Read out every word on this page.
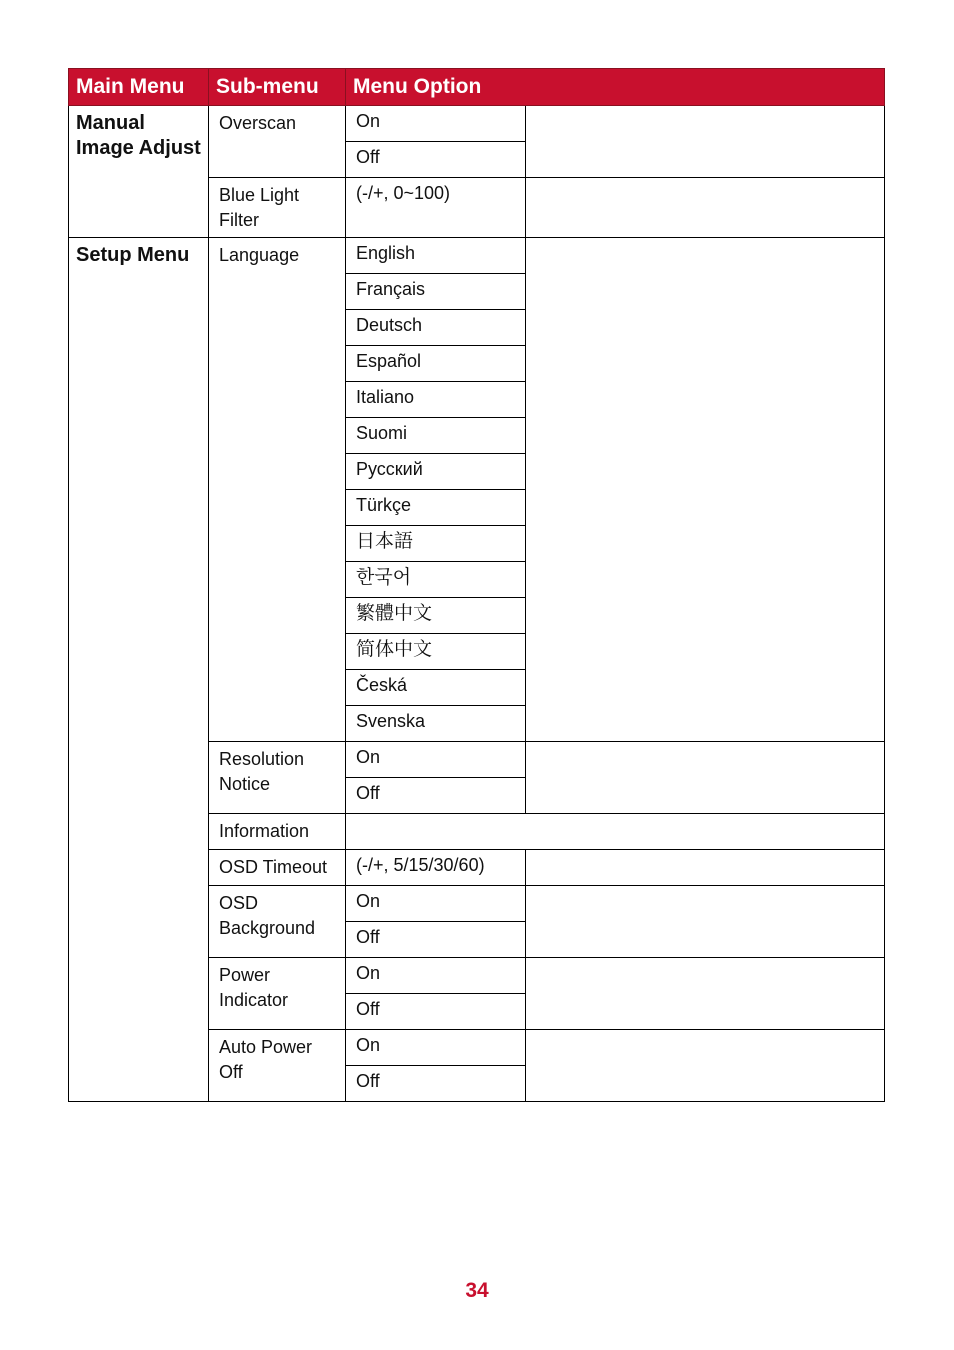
Main Menu	Sub-menu	Menu Option	
Manual Image Adjust	Overscan	On	
		Off	
	Blue Light Filter	(-/+, 0~100)	
Setup Menu	Language	English	
		Français	
		Deutsch	
		Español	
		Italiano	
		Suomi	
		Русский	
		Türkçe	
		日本語	
		한국어	
		繁體中文	
		简体中文	
		Česká	
		Svenska	
	Resolution Notice	On	
		Off	
	Information		
	OSD Timeout	(-/+, 5/15/30/60)	
	OSD Background	On	
		Off	
	Power Indicator	On	
		Off	
	Auto Power Off	On	
		Off	
34
